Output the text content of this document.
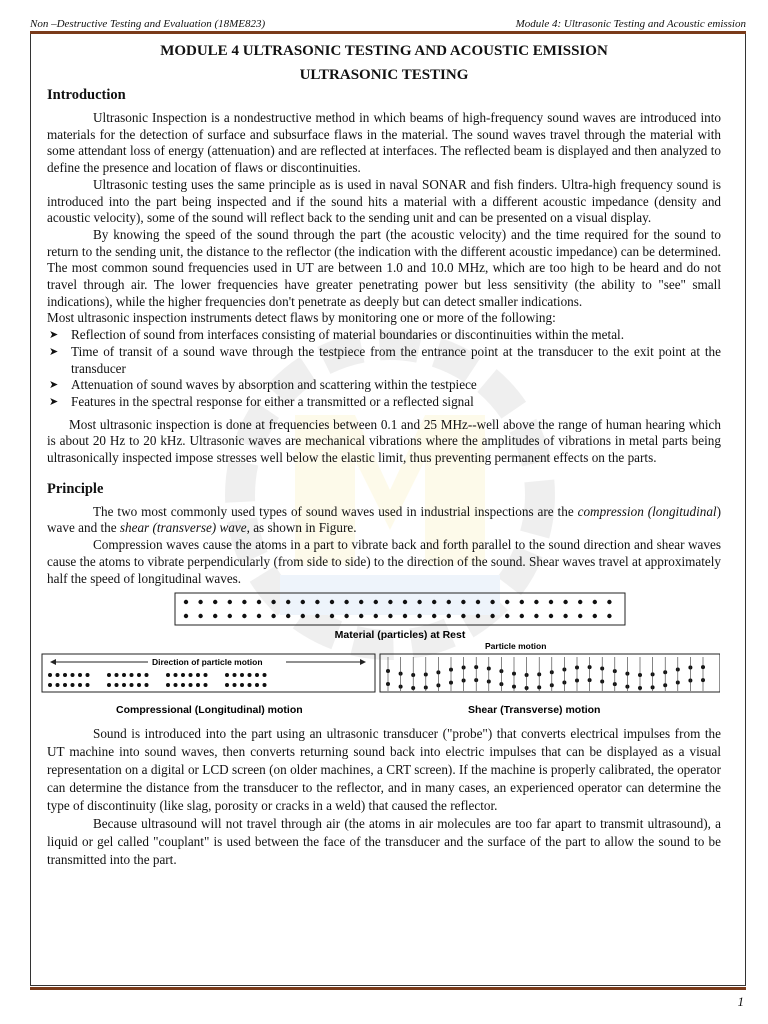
Non –Destructive Testing and Evaluation (18ME823)	Module 4: Ultrasonic Testing and Acoustic emission
MODULE 4 ULTRASONIC TESTING AND ACOUSTIC EMISSION
ULTRASONIC TESTING
Introduction

Ultrasonic Inspection is a nondestructive method in which beams of high-frequency sound waves are introduced into materials for the detection of surface and subsurface flaws in the material. The sound waves travel through the material with some attendant loss of energy (attenuation) and are reflected at interfaces. The reflected beam is displayed and then analyzed to define the presence and location of flaws or discontinuities.

Ultrasonic testing uses the same principle as is used in naval SONAR and fish finders. Ultra-high frequency sound is introduced into the part being inspected and if the sound hits a material with a different acoustic impedance (density and acoustic velocity), some of the sound will reflect back to the sending unit and can be presented on a visual display.

By knowing the speed of the sound through the part (the acoustic velocity) and the time required for the sound to return to the sending unit, the distance to the reflector (the indication with the different acoustic impedance) can be determined. The most common sound frequencies used in UT are between 1.0 and 10.0 MHz, which are too high to be heard and do not travel through air. The lower frequencies have greater penetrating power but less sensitivity (the ability to "see" small indications), while the higher frequencies don't penetrate as deeply but can detect smaller indications.

Most ultrasonic inspection instruments detect flaws by monitoring one or more of the following:

➤ Reflection of sound from interfaces consisting of material boundaries or discontinuities within the metal.
➤ Time of transit of a sound wave through the testpiece from the entrance point at the transducer to the exit point at the transducer
➤ Attenuation of sound waves by absorption and scattering within the testpiece
➤ Features in the spectral response for either a transmitted or a reflected signal

Most ultrasonic inspection is done at frequencies between 0.1 and 25 MHz--well above the range of human hearing which is about 20 Hz to 20 kHz. Ultrasonic waves are mechanical vibrations where the amplitudes of vibrations in metal parts being ultrasonically inspected impose stresses well below the elastic limit, thus preventing permanent effects on the parts.

Principle

The two most commonly used types of sound waves used in industrial inspections are the compression (longitudinal) wave and the shear (transverse) wave, as shown in Figure.

Compression waves cause the atoms in a part to vibrate back and forth parallel to the sound direction and shear waves cause the atoms to vibrate perpendicularly (from side to side) to the direction of the sound. Shear waves travel at approximately half the speed of longitudinal waves.

Material (particles) at Rest
Direction of particle motion
Particle motion
Compressional (Longitudinal) motion	Shear (Transverse) motion

Sound is introduced into the part using an ultrasonic transducer ("probe") that converts electrical impulses from the UT machine into sound waves, then converts returning sound back into electric impulses that can be displayed as a visual representation on a digital or LCD screen (on older machines, a CRT screen). If the machine is properly calibrated, the operator can determine the distance from the transducer to the reflector, and in many cases, an experienced operator can determine the type of discontinuity (like slag, porosity or cracks in a weld) that caused the reflector.

Because ultrasound will not travel through air (the atoms in air molecules are too far apart to transmit ultrasound), a liquid or gel called "couplant" is used between the face of the transducer and the surface of the part to allow the sound to be transmitted into the part.

1
